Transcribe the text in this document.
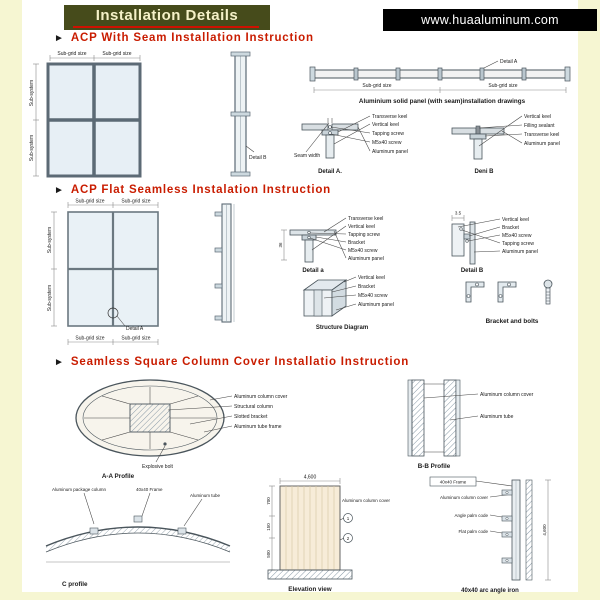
Installation Details	www.huaaluminum.com
► ACP With Seam Installation Instruction
Sub-grid size	Sub-grid size
Sub-system
Sub-system	Detail B
Detail A
Sub-grid size	Sub-grid size
Aluminium solid panel (with seam)installation drawings
Transverse keel
Vertical keel
Tapping screw
M5x40 screw
Aluminum panel
Seam width
Detail A.
Vertical keel
Filling sealant
Transverse keel
Aluminum panel
Deni B
► ACP Flat Seamless Instalation Instruction
Sub-grid size	Sub-grid size
Sub-system
Sub-system
Detail A
Sub-grid size	Sub-grid size
36
Transverse keel
Vertical keel
Tapping screw
Bracket
M5x40 screw
Aluminum panel
Detail a
Vertical keel
Bracket
M5x40 screw
Aluminum panel
Structure Diagram
3.5
Vertical keel
Bracket
M5x40 screw
Tapping screw
Aluminum panel
Detail B
Bracket and bolts
► Seamless Square Column Cover Installatio Instruction
Aluminum column cover
Structural column
Slotted bracket
Aluminum tube frame
Explosive bolt
A-A Profile
Aluminum column cover
Aluminum tube
B-B Profile
Aluminum package column	40x40 Frame
Aluminum tube
C profile
4,600
700
150
500
Aluminum column cover
1
2
Elevation view
40x40 Frame
Aluminum column cover
Angle palm code
Flat palm code	4,600
40x40 arc angle iron
